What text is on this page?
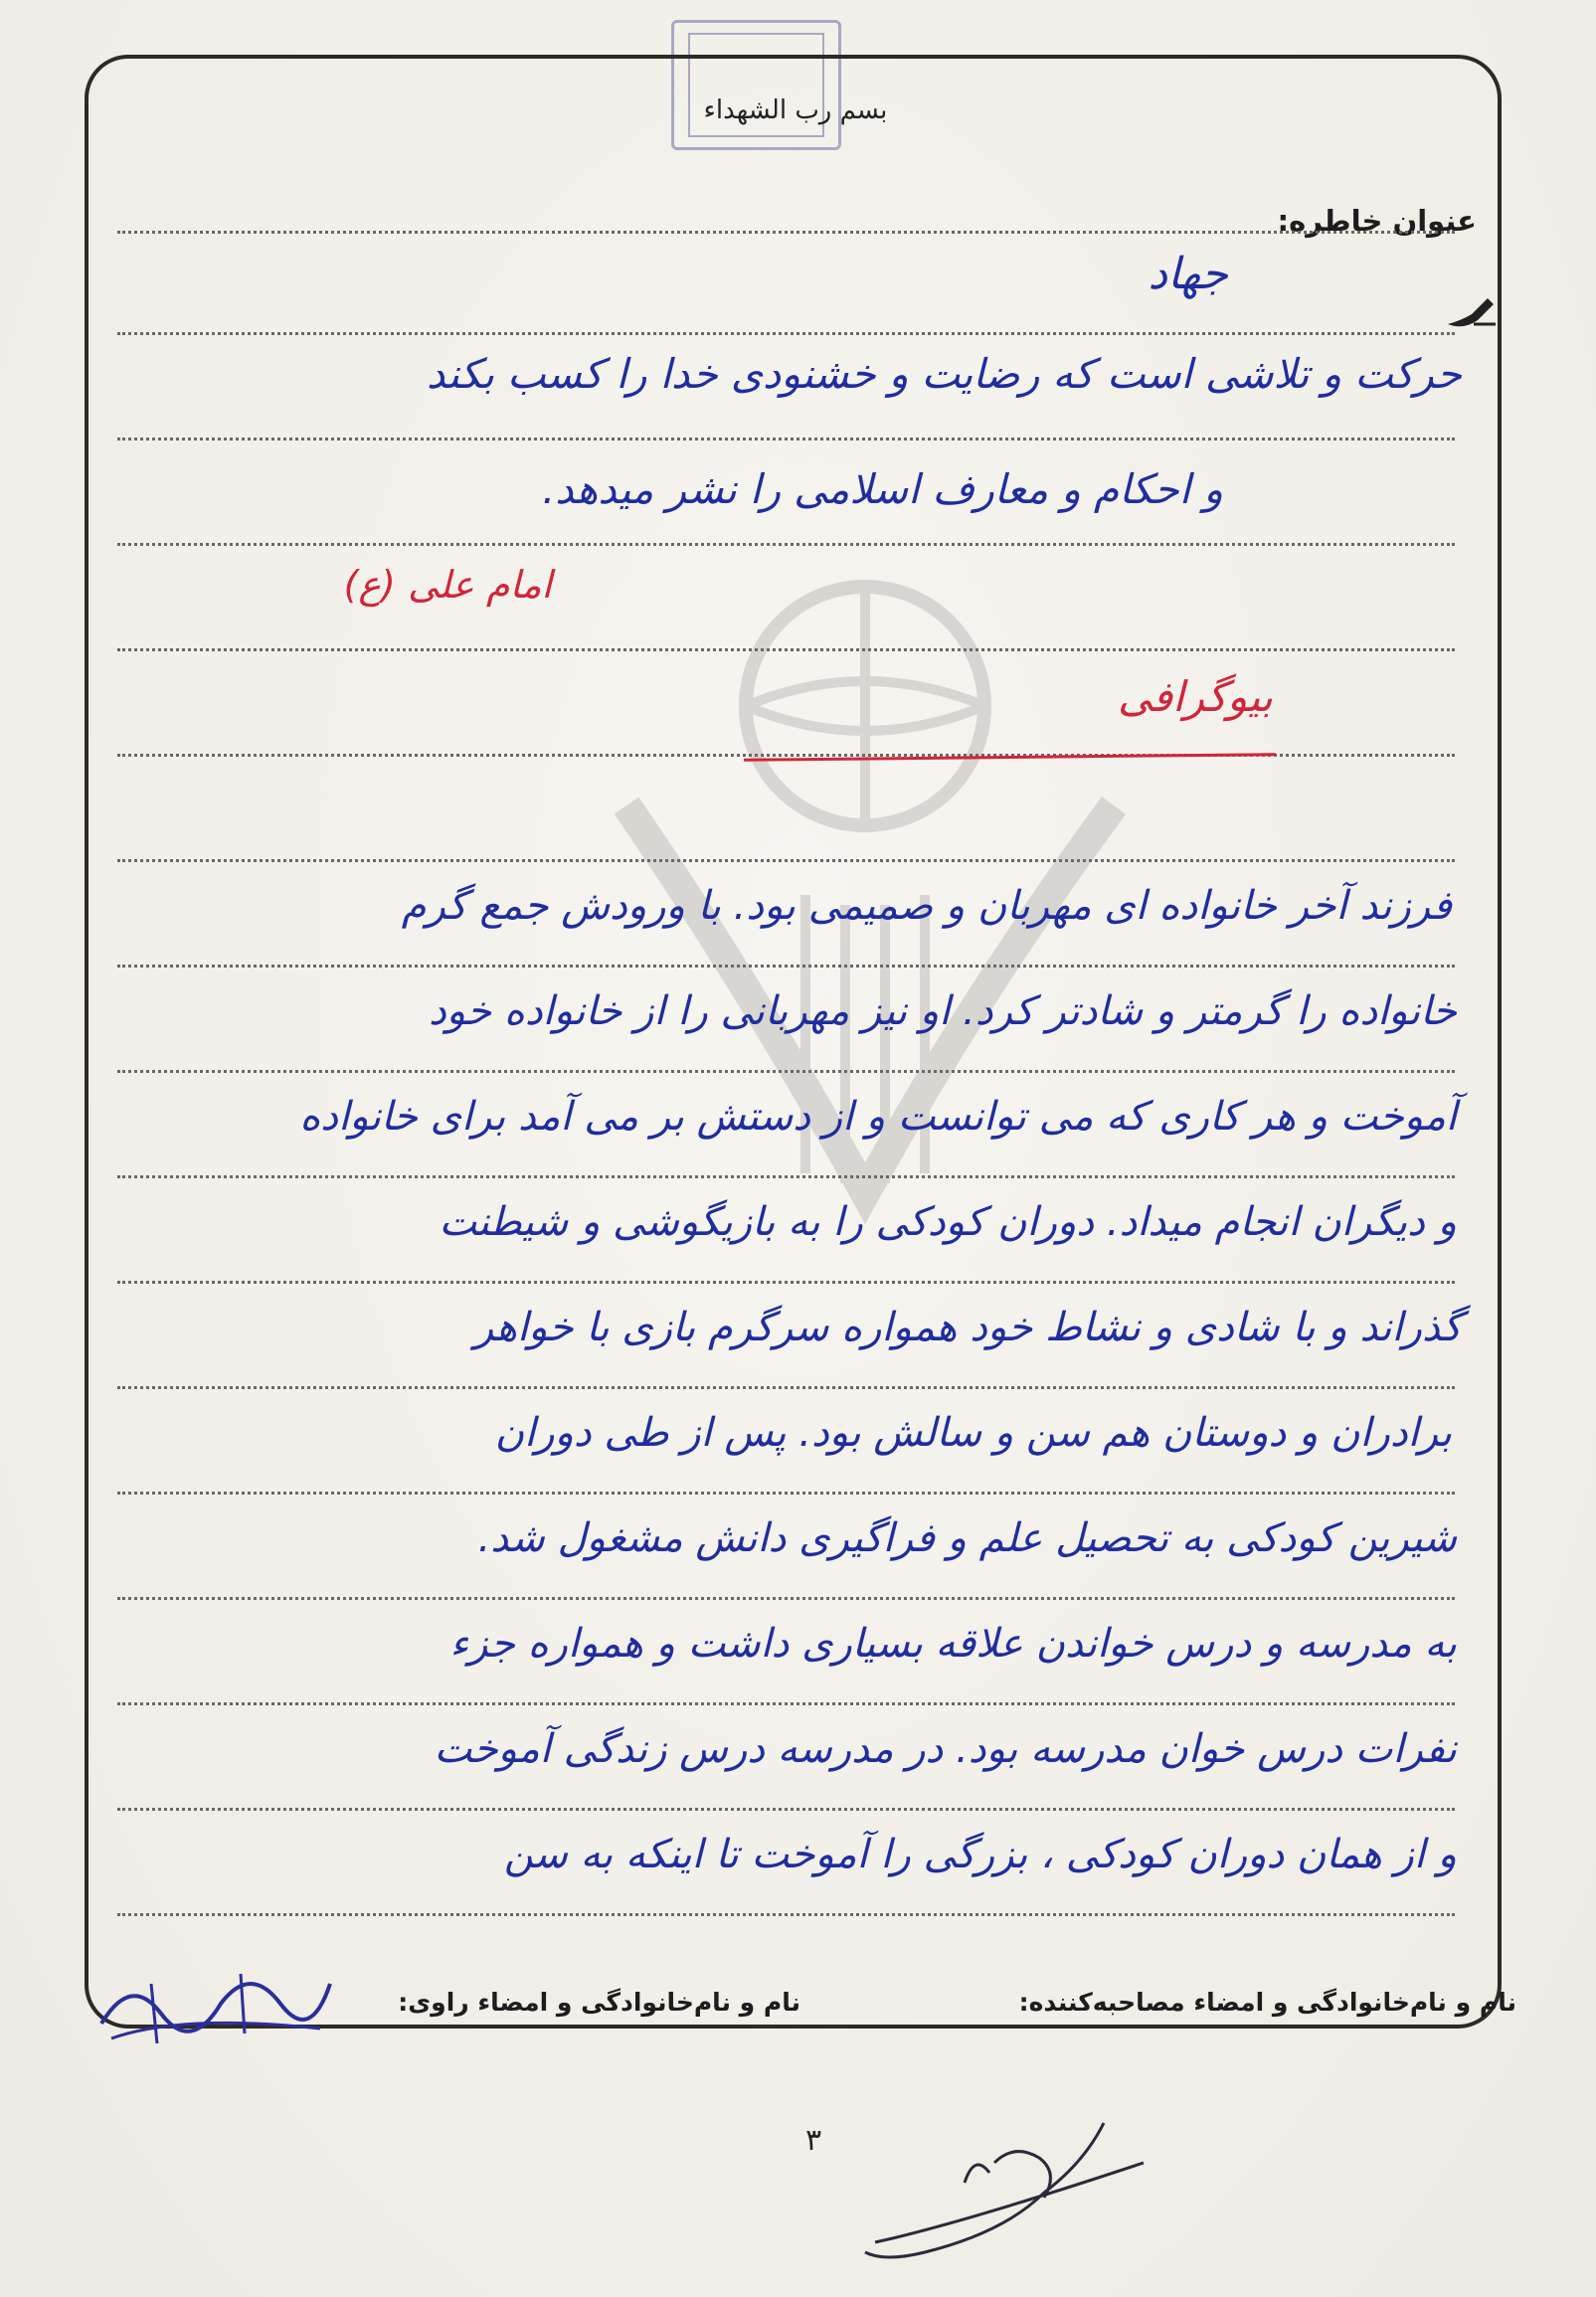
بسم رب الشهداء
عنوان خاطره:
جهاد
حرکت و تلاشی است که رضایت و خشنودی خدا را کسب بکند
و احکام و معارف اسلامی را نشر میدهد.
امام علی (ع)
بیوگرافی
فرزند آخر خانواده ای مهربان و صمیمی بود. با ورودش جمع گرم
خانواده را گرمتر و شادتر کرد. او نیز مهربانی را از خانواده خود
آموخت و هر کاری که می توانست و از دستش بر می آمد برای خانواده
و دیگران انجام میداد. دوران کودکی را به بازیگوشی و شیطنت
گذراند و با شادی و نشاط خود همواره سرگرم بازی با خواهر
برادران و دوستان هم سن و سالش بود. پس از طی دوران
شیرین کودکی به تحصیل علم و فراگیری دانش مشغول شد.
به مدرسه و درس خواندن علاقه بسیاری داشت و همواره جزء
نفرات درس خوان مدرسه بود. در مدرسه درس زندگی آموخت
و از همان دوران کودکی ، بزرگی را آموخت تا اینکه به سن
نام و نام‌خانوادگی و امضاء مصاحبه‌کننده:
نام و نام‌خانوادگی و امضاء راوی:
۳
